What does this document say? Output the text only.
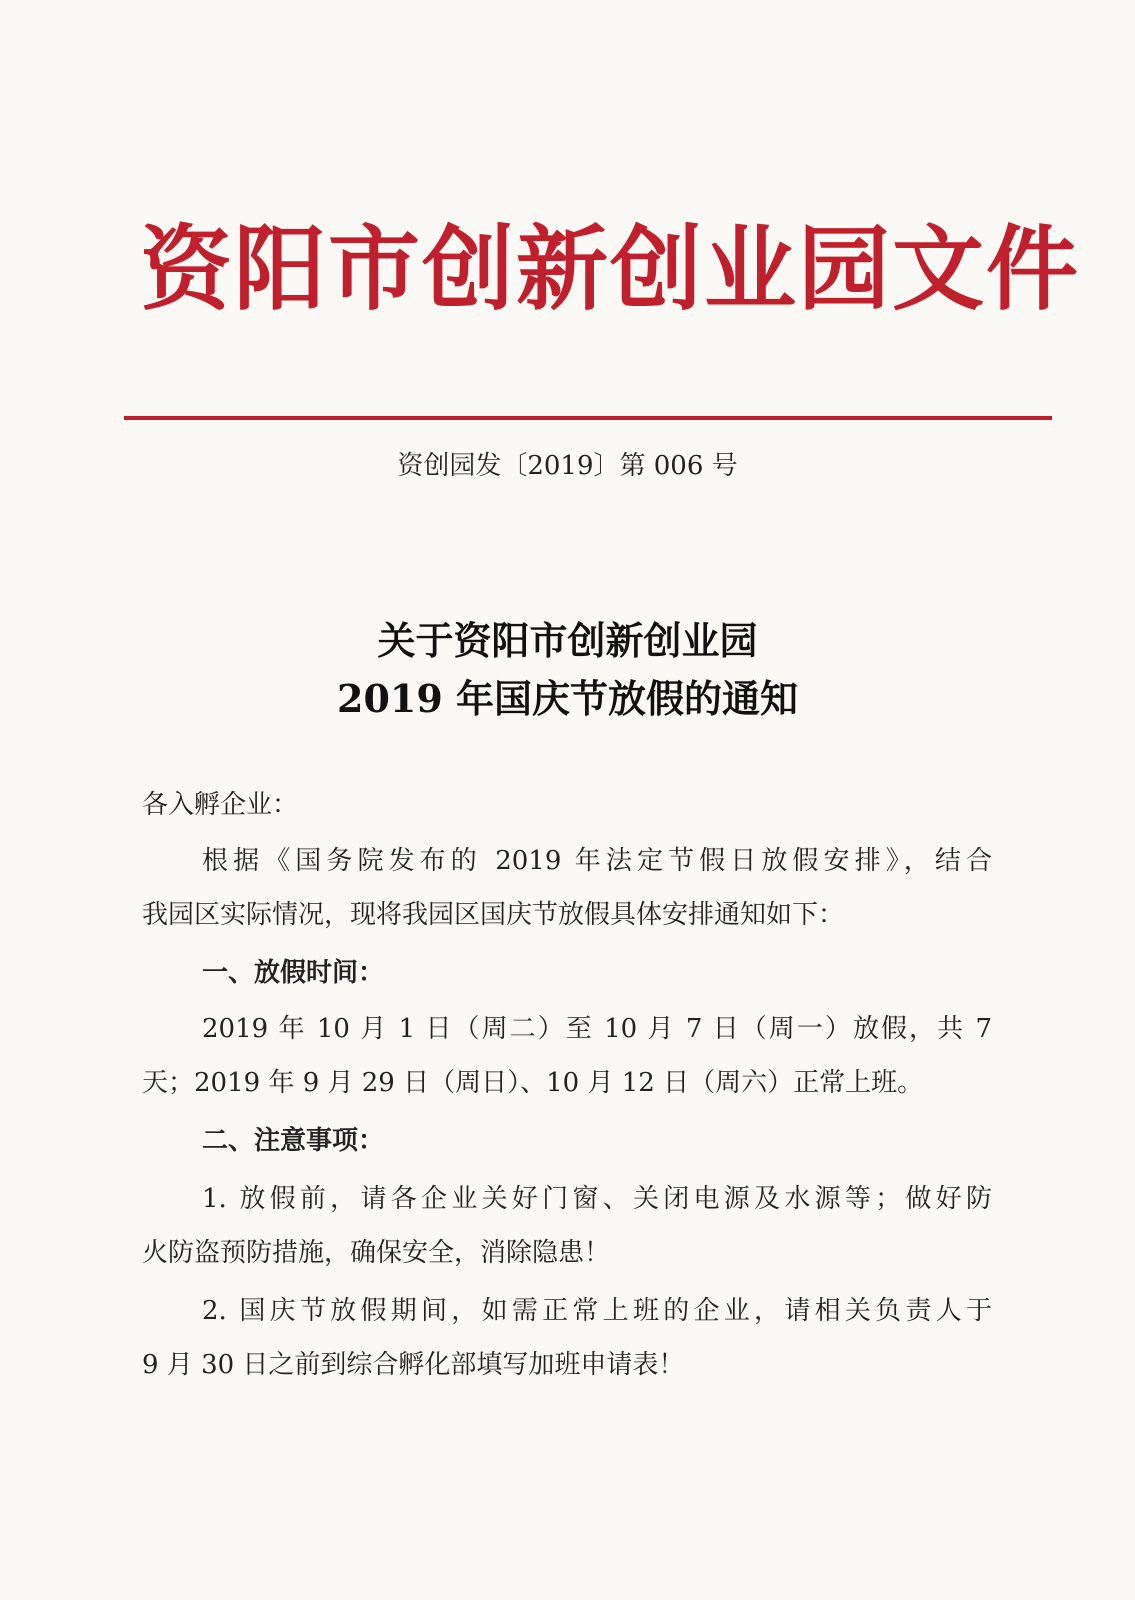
资阳市创新创业园文件
资创园发〔2019〕第 006 号
关于资阳市创新创业园
2019 年国庆节放假的通知
各入孵企业：
根据《国务院发布的 2019 年法定节假日放假安排》，结合
我园区实际情况，现将我园区国庆节放假具体安排通知如下：
一、放假时间：
2019 年 10 月 1 日（周二）至 10 月 7 日（周一）放假，共 7
天；2019 年 9 月 29 日（周日）、10 月 12 日（周六）正常上班。
二、注意事项：
1. 放假前，请各企业关好门窗、关闭电源及水源等；做好防
火防盗预防措施，确保安全，消除隐患！
2. 国庆节放假期间，如需正常上班的企业，请相关负责人于
9 月 30 日之前到综合孵化部填写加班申请表！
